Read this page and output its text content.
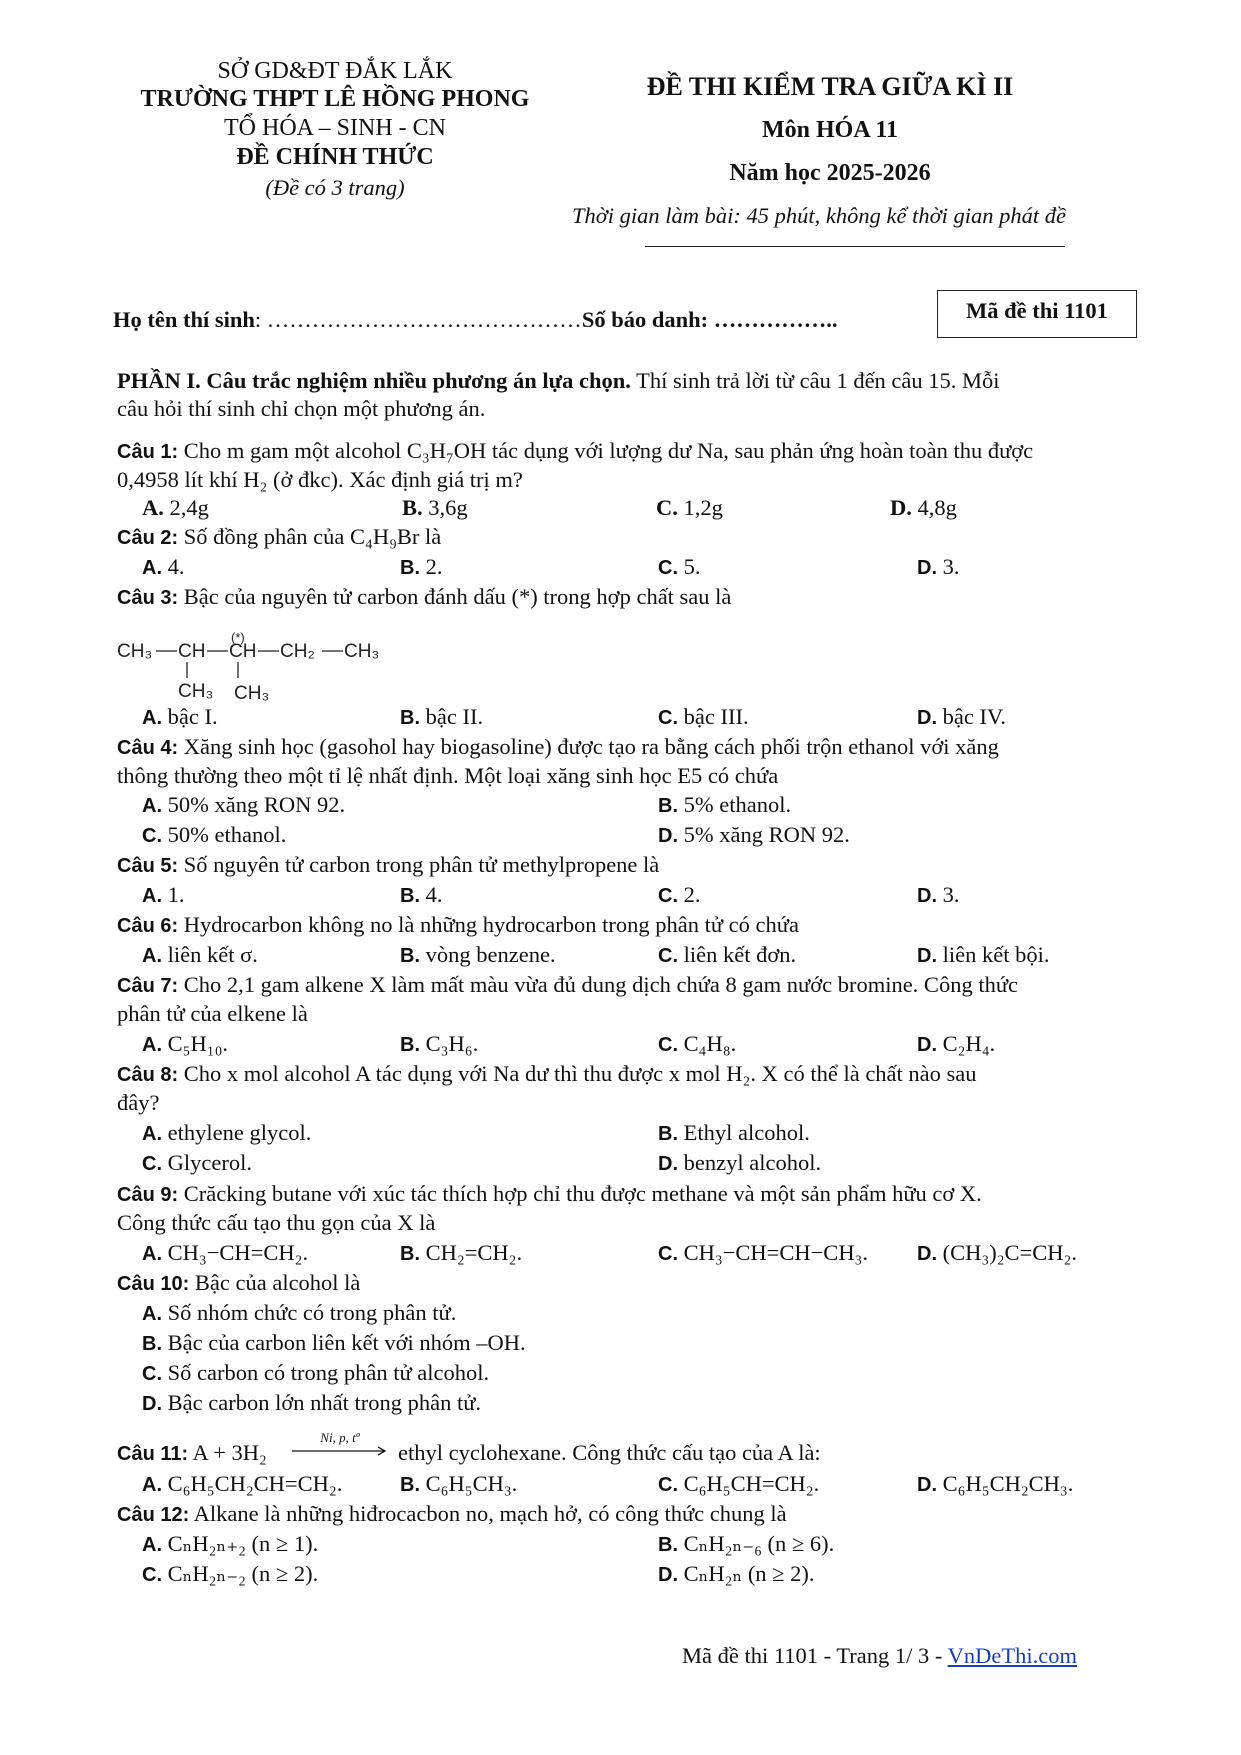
SỞ GD&ĐT ĐẮK LẮK
TRƯỜNG THPT LÊ HỒNG PHONG
TỔ HÓA – SINH - CN
ĐỀ CHÍNH THỨC
(Đề có 3 trang)
ĐỀ THI KIỂM TRA GIỮA KÌ II
Môn HÓA 11
Năm học 2025-2026
Thời gian làm bài: 45 phút, không kể thời gian phát đề
Họ tên thí sinh: ……………………………………Số báo danh: ……………..	Mã đề thi 1101
PHẦN I. Câu trắc nghiệm nhiều phương án lựa chọn. Thí sinh trả lời từ câu 1 đến câu 15. Mỗi
câu hỏi thí sinh chỉ chọn một phương án.
Câu 1: Cho m gam một alcohol C₃H₇OH tác dụng với lượng dư Na, sau phản ứng hoàn toàn thu được
0,4958 lít khí H₂ (ở đkc). Xác định giá trị m?
A. 2,4g	B. 3,6g	C. 1,2g	D. 4,8g
Câu 2: Số đồng phân của C₄H₉Br là
A. 4.	B. 2.	C. 5.	D. 3.
Câu 3: Bậc của nguyên tử carbon đánh dấu (*) trong hợp chất sau là
CH₃ CH CH
(*)
CH₂ CH₃
CH₃ CH₃
A. bậc I.	B. bậc II.	C. bậc III.	D. bậc IV.
Câu 4: Xăng sinh học (gasohol hay biogasoline) được tạo ra bằng cách phối trộn ethanol với xăng
thông thường theo một tỉ lệ nhất định. Một loại xăng sinh học E5 có chứa
A. 50% xăng RON 92.	B. 5% ethanol.
C. 50% ethanol.	D. 5% xăng RON 92.
Câu 5: Số nguyên tử carbon trong phân tử methylpropene là
A. 1.	B. 4.	C. 2.	D. 3.
Câu 6: Hydrocarbon không no là những hydrocarbon trong phân tử có chứa
A. liên kết σ.	B. vòng benzene.	C. liên kết đơn.	D. liên kết bội.
Câu 7: Cho 2,1 gam alkene X làm mất màu vừa đủ dung dịch chứa 8 gam nước bromine. Công thức
phân tử của elkene là
A. C₅H₁₀.	B. C₃H₆.	C. C₄H₈.	D. C₂H₄.
Câu 8: Cho x mol alcohol A tác dụng với Na dư thì thu được x mol H₂. X có thể là chất nào sau
đây?
A. ethylene glycol.	B. Ethyl alcohol.
C. Glycerol.	D. benzyl alcohol.
Câu 9: Crăcking butane với xúc tác thích hợp chỉ thu được methane và một sản phẩm hữu cơ X.
Công thức cấu tạo thu gọn của X là
A. CH₃−CH=CH₂.	B. CH₂=CH₂.	C. CH₃−CH=CH−CH₃. D. (CH₃)₂C=CH₂.
Câu 10: Bậc của alcohol là
A. Số nhóm chức có trong phân tử.
B. Bậc của carbon liên kết với nhóm –OH.
C. Số carbon có trong phân tử alcohol.
D. Bậc carbon lớn nhất trong phân tử.
Câu 11: A + 3H₂
Ni, p, tº
ethyl cyclohexane. Công thức cấu tạo của A là:
A. C₆H₅CH₂CH=CH₂.	B. C₆H₅CH₃.	C. C₆H₅CH=CH₂.	D. C₆H₅CH₂CH₃.
Câu 12: Alkane là những hiđrocacbon no, mạch hở, có công thức chung là
A. CₙH₂ₙ₊₂ (n ≥ 1).	B. CₙH₂ₙ₋₆ (n ≥ 6).
C. CₙH₂ₙ₋₂ (n ≥ 2).	D. CₙH₂ₙ (n ≥ 2).
Mã đề thi 1101 - Trang 1/ 3 - VnDeThi.com
